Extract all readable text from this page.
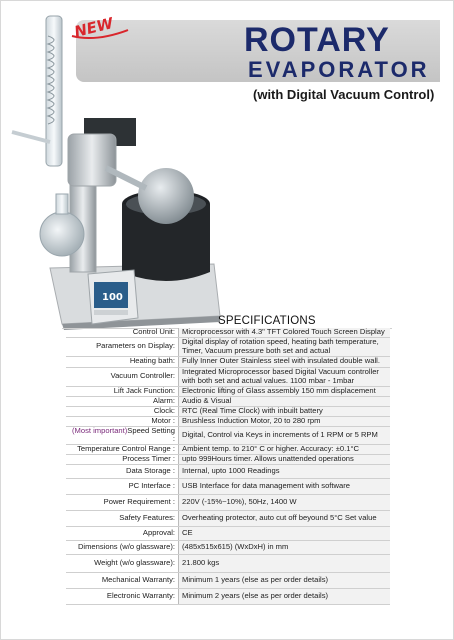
ROTARY
EVAPORATOR
(with Digital Vacuum Control)
100
NEW
SPECIFICATIONS
Control Unit:	Microprocessor with 4.3" TFT Colored Touch Screen Display
Parameters on Display:	Digital display of rotation speed, heating bath temperature, Timer, Vacuum pressure both set and actual
Heating bath:	Fully Inner Outer Stainless steel with insulated double wall.
Vacuum Controller:	Integrated Microprocessor based Digital Vacuum controller with both set and actual values. 1100 mbar - 1mbar
Lift Jack Function:	Electronic lifting of Glass assembly 150 mm displacement
Alarm:	Audio & Visual
Clock:	RTC (Real Time Clock) with inbuilt battery
Motor :	Brushless Induction Motor, 20 to 280 rpm
(Most important)Speed Setting :	Digital, Control via Keys in increments of 1 RPM or 5 RPM
Temperature Control Range :	Ambient temp. to 210° C or higher. Accuracy: ±0.1°C
Process Timer :	upto 999Hours timer. Allows unattended operations
Data Storage :	Internal, upto 1000 Readings
PC Interface :	USB Interface for data management with software
Power Requirement :	220V (-15%~10%), 50Hz, 1400 W
Safety Features:	Overheating protector, auto cut off beyound 5°C Set value
Approval:	CE
Dimensions (w/o glassware):	(485x515x615) (WxDxH) in mm
Weight (w/o glassware):	21.800 kgs
Mechanical Warranty:	Minimum 1 years (else as per order details)
Electronic Warranty:	Minimum 2 years (else as per order details)
